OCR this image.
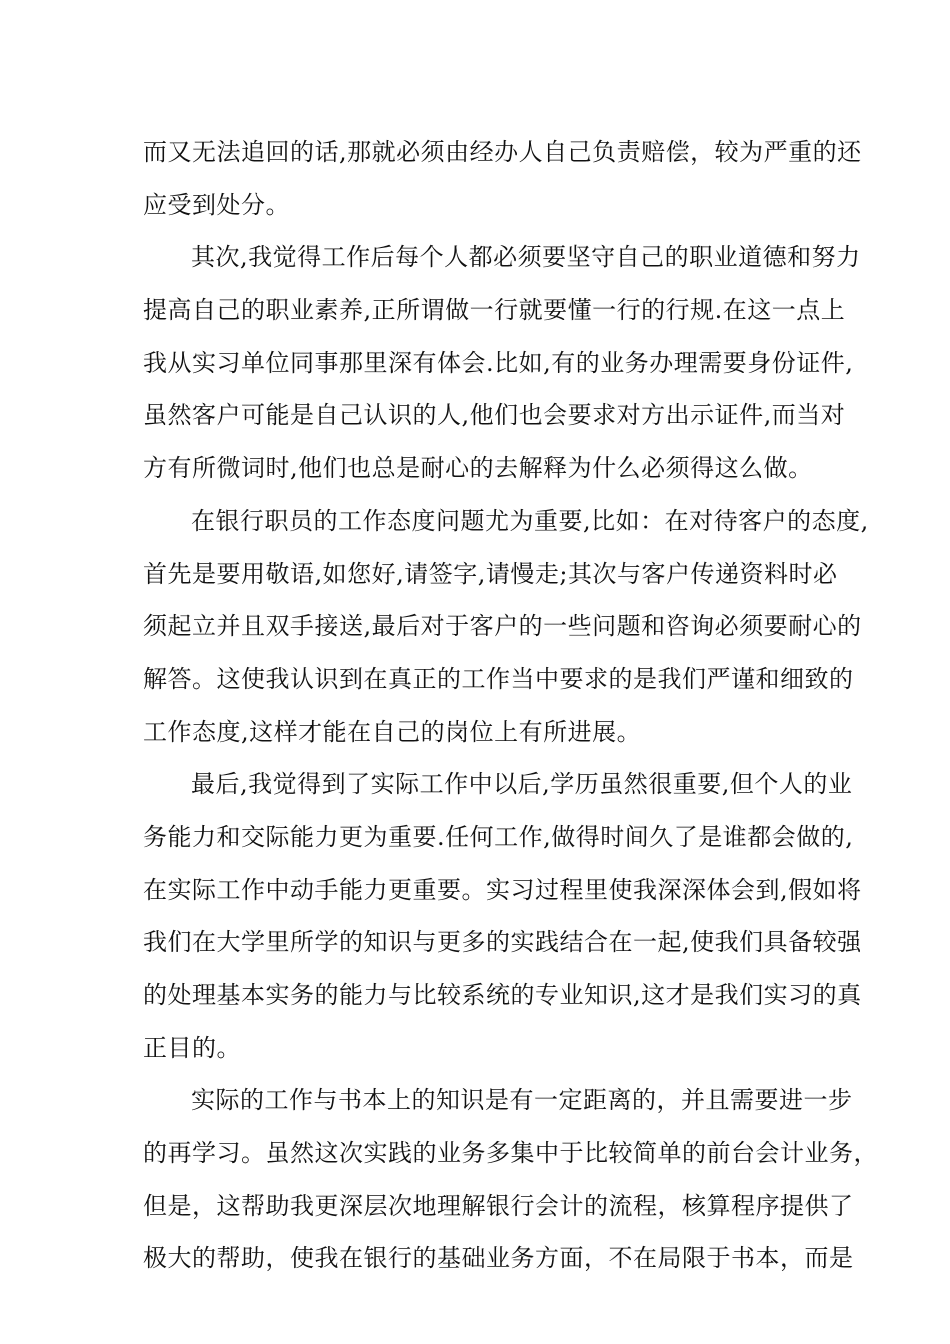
而又无法追回的话,那就必须由经办人自己负责赔偿，较为严重的还
应受到处分。
其次,我觉得工作后每个人都必须要坚守自己的职业道德和努力
提高自己的职业素养,正所谓做一行就要懂一行的行规.在这一点上
我从实习单位同事那里深有体会.比如,有的业务办理需要身份证件,
虽然客户可能是自己认识的人,他们也会要求对方出示证件,而当对
方有所微词时,他们也总是耐心的去解释为什么必须得这么做。
在银行职员的工作态度问题尤为重要,比如：在对待客户的态度,
首先是要用敬语,如您好,请签字,请慢走;其次与客户传递资料时必
须起立并且双手接送,最后对于客户的一些问题和咨询必须要耐心的
解答。这使我认识到在真正的工作当中要求的是我们严谨和细致的
工作态度,这样才能在自己的岗位上有所进展。
最后,我觉得到了实际工作中以后,学历虽然很重要,但个人的业
务能力和交际能力更为重要.任何工作,做得时间久了是谁都会做的,
在实际工作中动手能力更重要。实习过程里使我深深体会到,假如将
我们在大学里所学的知识与更多的实践结合在一起,使我们具备较强
的处理基本实务的能力与比较系统的专业知识,这才是我们实习的真
正目的。
实际的工作与书本上的知识是有一定距离的，并且需要进一步
的再学习。虽然这次实践的业务多集中于比较简单的前台会计业务，
但是，这帮助我更深层次地理解银行会计的流程，核算程序提供了
极大的帮助，使我在银行的基础业务方面，不在局限于书本，而是
